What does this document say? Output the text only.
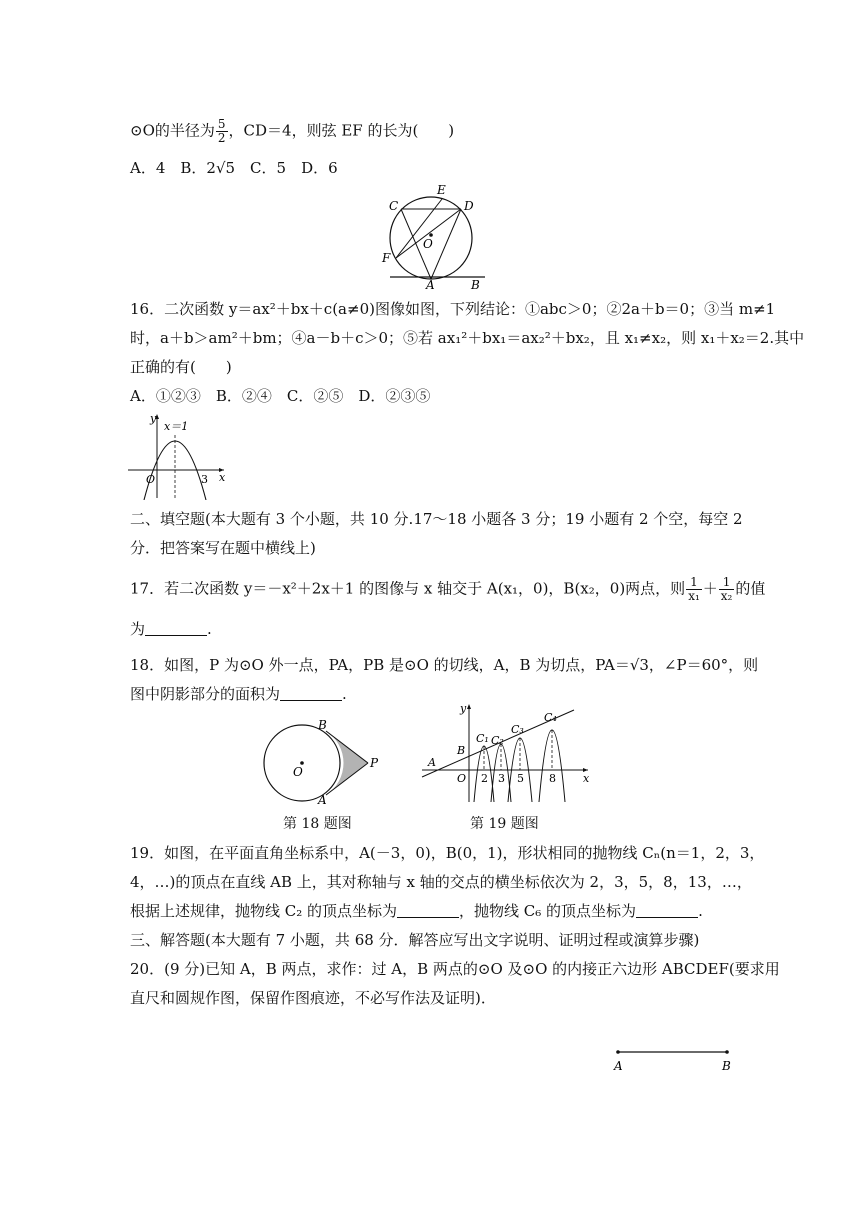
⊙O的半径为 $\frac{5}{2}$ ，CD＝4，则弦 EF 的长为(　　)
A．4　B．2√5　C．5　D．6
C
E
D
O
F
A	B
16．二次函数 y＝ax²＋bx＋c(a≠0)图像如图，下列结论：①abc＞0；②2a＋b＝0；③当 m≠1
时，a＋b＞am²＋bm；④a－b＋c＞0；⑤若 ax₁²＋bx₁＝ax₂²＋bx₂，且 x₁≠x₂，则 x₁＋x₂＝2.其中
正确的有(　　)
A．①②③　B．②④　C．②⑤　D．②③⑤
y
x
x＝1
O	3
二、填空题(本大题有 3 个小题，共 10 分.17～18 小题各 3 分；19 小题有 2 个空，每空 2
分．把答案写在题中横线上)
17．若二次函数 y＝－x²＋2x＋1 的图像与 x 轴交于 A(x₁，0)，B(x₂，0)两点，则 $\frac{1}{\text{x₁}} + \frac{1}{\text{x₂}}$ 的值
为	.
18．如图，P 为⊙O 外一点，PA，PB 是⊙O 的切线，A，B 为切点，PA＝√3，∠P＝60°，则
图中阴影部分的面积为	.
B
O
P
A
第 18 题图
y
x
A
B
O
C₁ C₂
C₃
C₄
2 3 5 8
第 19 题图
19．如图，在平面直角坐标系中，A(－3，0)，B(0，1)，形状相同的抛物线 Cₙ(n＝1，2，3，
4，…)的顶点在直线 AB 上，其对称轴与 x 轴的交点的横坐标依次为 2，3，5，8，13，…，
根据上述规律，抛物线 C₂ 的顶点坐标为	，抛物线 C₆ 的顶点坐标为	.
三、解答题(本大题有 7 小题，共 68 分．解答应写出文字说明、证明过程或演算步骤)
20．(9 分)已知 A，B 两点，求作：过 A，B 两点的⊙O 及⊙O 的内接正六边形 ABCDEF(要求用
直尺和圆规作图，保留作图痕迹，不必写作法及证明)．
A	B
